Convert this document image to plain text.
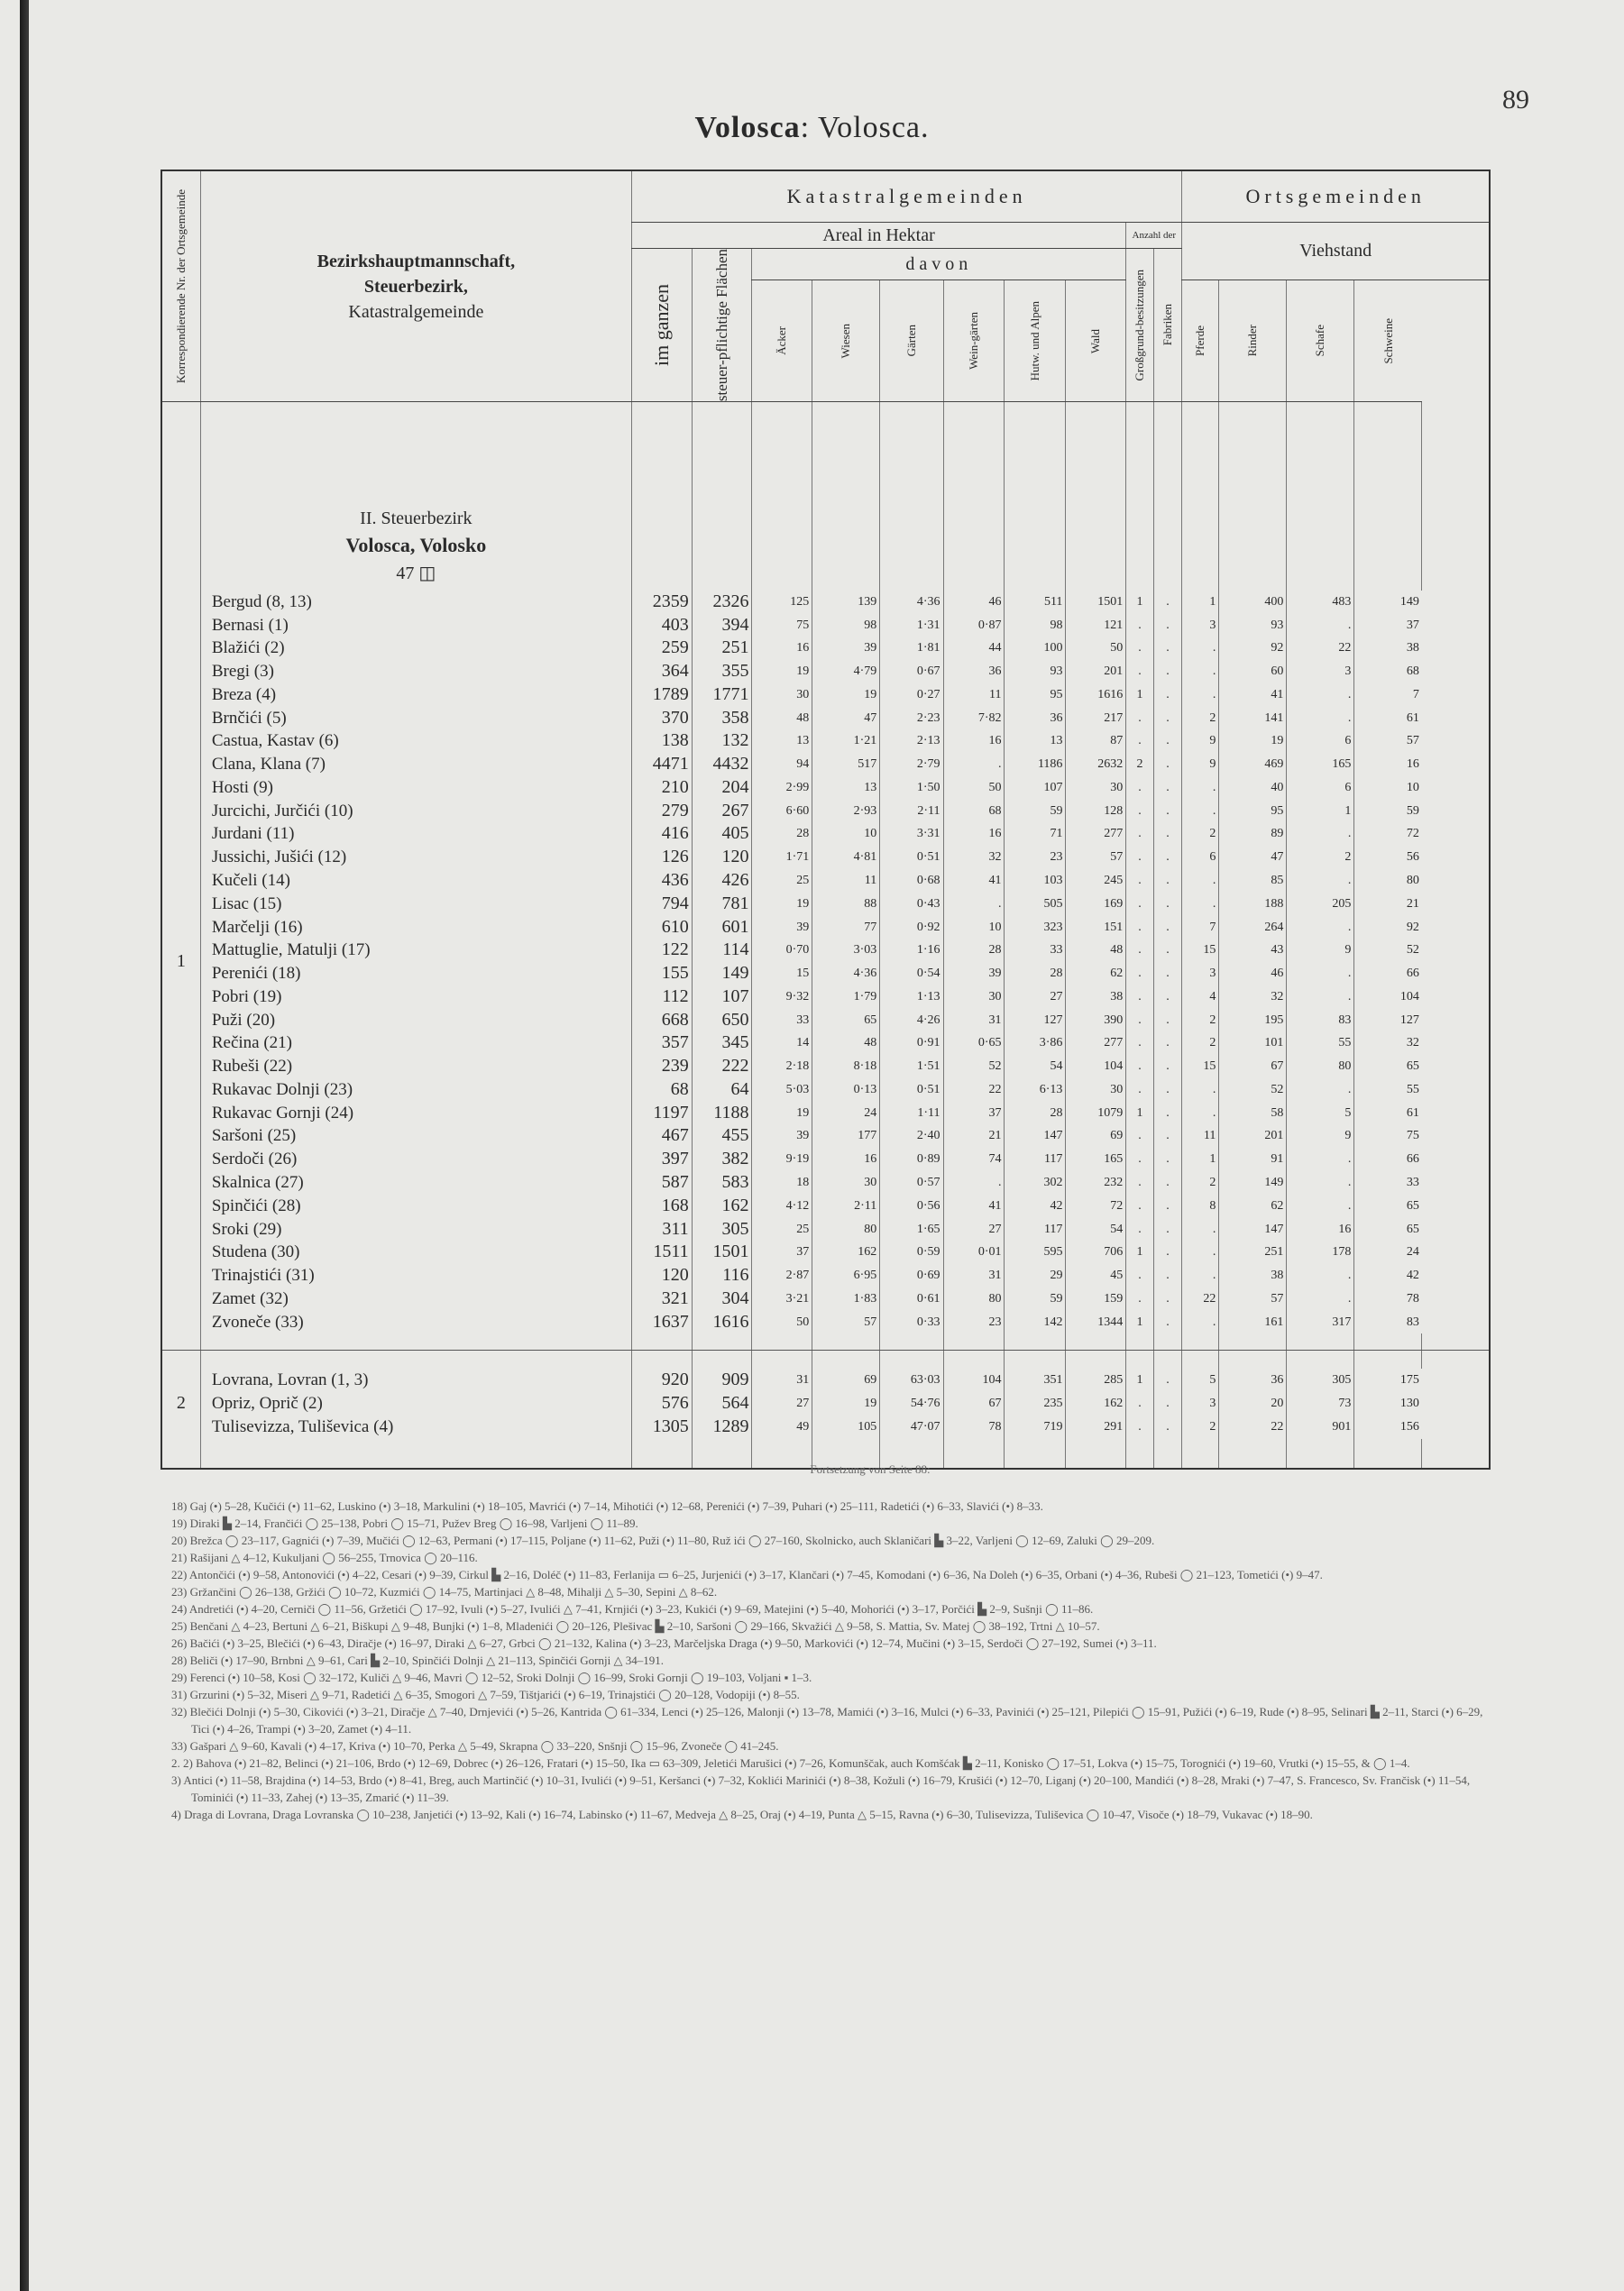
89
Volosca: Volosca.
Korrespondierende Nr. der Ortsgemeinde	Bezirkshauptmannschaft,
Steuerbezirk,
Katastralgemeinde	Katastralgemeinden										Ortsgemeinden				
		Areal in Hektar								Anzahl der		Viehstand				

		im ganzen	steuer-pflichtige Flächen	davon						Großgrund-besitzungen	Fabriken					

				Äcker	Wiesen	Gärten	Wein-gärten	Hutw. und Alpen	Wald			Pferde	Rinder	Schafe	Schweine	

	II. Steuerbezirk
Volosca, Volosko
47 ◫															
1	Bergud (8, 13)	2359	2326	125	139	4·36	46	511	1501	1	.	1	400	483	149	
	Bernasi (1)	403	394	75	98	1·31	0·87	98	121	.	.	3	93	.	37	
	Blažići (2)	259	251	16	39	1·81	44	100	50	.	.	.	92	22	38	
	Bregi (3)	364	355	19	4·79	0·67	36	93	201	.	.	.	60	3	68	
	Breza (4)	1789	1771	30	19	0·27	11	95	1616	1	.	.	41	.	7	
	Brnčići (5)	370	358	48	47	2·23	7·82	36	217	.	.	2	141	.	61	
	Castua, Kastav (6)	138	132	13	1·21	2·13	16	13	87	.	.	9	19	6	57	
	Clana, Klana (7)	4471	4432	94	517	2·79	.	1186	2632	2	.	9	469	165	16	
	Hosti (9)	210	204	2·99	13	1·50	50	107	30	.	.	.	40	6	10	
	Jurcichi, Jurčići (10)	279	267	6·60	2·93	2·11	68	59	128	.	.	.	95	1	59	
	Jurdani (11)	416	405	28	10	3·31	16	71	277	.	.	2	89	.	72	
	Jussichi, Jušići (12)	126	120	1·71	4·81	0·51	32	23	57	.	.	6	47	2	56	
	Kučeli (14)	436	426	25	11	0·68	41	103	245	.	.	.	85	.	80	
	Lisac (15)	794	781	19	88	0·43	.	505	169	.	.	.	188	205	21	
	Marčelji (16)	610	601	39	77	0·92	10	323	151	.	.	7	264	.	92	
	Mattuglie, Matulji (17)	122	114	0·70	3·03	1·16	28	33	48	.	.	15	43	9	52	
	Perenići (18)	155	149	15	4·36	0·54	39	28	62	.	.	3	46	.	66	
	Pobri (19)	112	107	9·32	1·79	1·13	30	27	38	.	.	4	32	.	104	
	Puži (20)	668	650	33	65	4·26	31	127	390	.	.	2	195	83	127	
	Rečina (21)	357	345	14	48	0·91	0·65	3·86	277	.	.	2	101	55	32	
	Rubeši (22)	239	222	2·18	8·18	1·51	52	54	104	.	.	15	67	80	65	
	Rukavac Dolnji (23)	68	64	5·03	0·13	0·51	22	6·13	30	.	.	.	52	.	55	
	Rukavac Gornji (24)	1197	1188	19	24	1·11	37	28	1079	1	.	.	58	5	61	
	Saršoni (25)	467	455	39	177	2·40	21	147	69	.	.	11	201	9	75	
	Serdoči (26)	397	382	9·19	16	0·89	74	117	165	.	.	1	91	.	66	
	Skalnica (27)	587	583	18	30	0·57	.	302	232	.	.	2	149	.	33	
	Spinčići (28)	168	162	4·12	2·11	0·56	41	42	72	.	.	8	62	.	65	
	Sroki (29)	311	305	25	80	1·65	27	117	54	.	.	.	147	16	65	
	Studena (30)	1511	1501	37	162	0·59	0·01	595	706	1	.	.	251	178	24	
	Trinajstići (31)	120	116	2·87	6·95	0·69	31	29	45	.	.	.	38	.	42	
	Zamet (32)	321	304	3·21	1·83	0·61	80	59	159	.	.	22	57	.	78	
	Zvoneče (33)	1637	1616	50	57	0·33	23	142	1344	1	.	.	161	317	83	

2	Lovrana, Lovran (1, 3)	920	909	31	69	63·03	104	351	285	1	.	5	36	305	175	
	Opriz, Oprič (2)	576	564	27	19	54·76	67	235	162	.	.	3	20	73	130	
	Tulisevizza, Tuliševica (4)	1305	1289	49	105	47·07	78	719	291	.	.	2	22	901	156	

Fortsetzung von Seite 88:

18) Gaj (•) 5–28, Kučići (•) 11–62, Luskino (•) 3–18, Markulini (•) 18–105, Mavrići (•) 7–14, Mihotići (•) 12–68, Perenići (•) 7–39, Puhari (•) 25–111, Radetići (•) 6–33, Slavići (•) 8–33.

19) Diraki ▙ 2–14, Frančići ◯ 25–138, Pobri ◯ 15–71, Pužev Breg ◯ 16–98, Varljeni ◯ 11–89.

20) Brežca ◯ 23–117, Gagnići (•) 7–39, Mučići ◯ 12–63, Permani (•) 17–115, Poljane (•) 11–62, Puži (•) 11–80, Ruž ići ◯ 27–160, Skolnicko, auch Sklaničari ▙ 3–22, Varljeni ◯ 12–69, Zaluki ◯ 29–209.

21) Rašijani △ 4–12, Kukuljani ◯ 56–255, Trnovica ◯ 20–116.

22) Antončići (•) 9–58, Antonovići (•) 4–22, Cesari (•) 9–39, Cirkul ▙ 2–16, Doléč (•) 11–83, Ferlanija ▭ 6–25, Jurjenići (•) 3–17, Klančari (•) 7–45, Komodani (•) 6–36, Na Doleh (•) 6–35, Orbani (•) 4–36, Rubeši ◯ 21–123, Tometići (•) 9–47.

23) Gržančini ◯ 26–138, Gržići ◯ 10–72, Kuzmići ◯ 14–75, Martinjaci △ 8–48, Mihalji △ 5–30, Sepini △ 8–62.

24) Andretići (•) 4–20, Cerniči ◯ 11–56, Gržetići ◯ 17–92, Ivuli (•) 5–27, Ivulići △ 7–41, Krnjići (•) 3–23, Kukići (•) 9–69, Matejini (•) 5–40, Mohorići (•) 3–17, Porčići ▙ 2–9, Sušnji ◯ 11–86.

25) Benčani △ 4–23, Bertuni △ 6–21, Biškupi △ 9–48, Bunjki (•) 1–8, Mladenići ◯ 20–126, Plešivac ▙ 2–10, Saršoni ◯ 29–166, Skvažići △ 9–58, S. Mattia, Sv. Matej ◯ 38–192, Trtni △ 10–57.

26) Bačići (•) 3–25, Blečići (•) 6–43, Diračje (•) 16–97, Diraki △ 6–27, Grbci ◯ 21–132, Kalina (•) 3–23, Marčeljska Draga (•) 9–50, Markovići (•) 12–74, Mučini (•) 3–15, Serdoči ◯ 27–192, Sumei (•) 3–11.

28) Beliči (•) 17–90, Brnbni △ 9–61, Cari ▙ 2–10, Spinčići Dolnji △ 21–113, Spinčići Gornji △ 34–191.

29) Ferenci (•) 10–58, Kosi ◯ 32–172, Kuliči △ 9–46, Mavri ◯ 12–52, Sroki Dolnji ◯ 16–99, Sroki Gornji ◯ 19–103, Voljani ▪ 1–3.

31) Grzurini (•) 5–32, Miseri △ 9–71, Radetići △ 6–35, Smogori △ 7–59, Tištjarići (•) 6–19, Trinajstići ◯ 20–128, Vodopiji (•) 8–55.

32) Blečići Dolnji (•) 5–30, Cikovići (•) 3–21, Diračje △ 7–40, Drnjevići (•) 5–26, Kantrida ◯ 61–334, Lenci (•) 25–126, Malonji (•) 13–78, Mamići (•) 3–16, Mulci (•) 6–33, Pavinići (•) 25–121, Pilepići ◯ 15–91, Pužići (•) 6–19, Rude (•) 8–95, Selinari ▙ 2–11, Starci (•) 6–29, Tici (•) 4–26, Trampi (•) 3–20, Zamet (•) 4–11.

33) Gašpari △ 9–60, Kavali (•) 4–17, Kriva (•) 10–70, Perka △ 5–49, Skrapna ◯ 33–220, Snšnji ◯ 15–96, Zvoneče ◯ 41–245.

2. 2) Bahova (•) 21–82, Belinci (•) 21–106, Brdo (•) 12–69, Dobrec (•) 26–126, Fratari (•) 15–50, Ika ▭ 63–309, Jeletići Marušici (•) 7–26, Komunščak, auch Komšćak ▙ 2–11, Konisko ◯ 17–51, Lokva (•) 15–75, Torognići (•) 19–60, Vrutki (•) 15–55, & ◯ 1–4.

3) Antici (•) 11–58, Brajdina (•) 14–53, Brdo (•) 8–41, Breg, auch Martinčić (•) 10–31, Ivulići (•) 9–51, Keršanci (•) 7–32, Koklići Marinići (•) 8–38, Kožuli (•) 16–79, Krušići (•) 12–70, Liganj (•) 20–100, Mandići (•) 8–28, Mraki (•) 7–47, S. Francesco, Sv. Frančisk (•) 11–54, Tominići (•) 11–33, Zahej (•) 13–35, Zmarić (•) 11–39.

4) Draga di Lovrana, Draga Lovranska ◯ 10–238, Janjetići (•) 13–92, Kali (•) 16–74, Labinsko (•) 11–67, Medveja △ 8–25, Oraj (•) 4–19, Punta △ 5–15, Ravna (•) 6–30, Tulisevizza, Tuliševica ◯ 10–47, Visoče (•) 18–79, Vukavac (•) 18–90.
